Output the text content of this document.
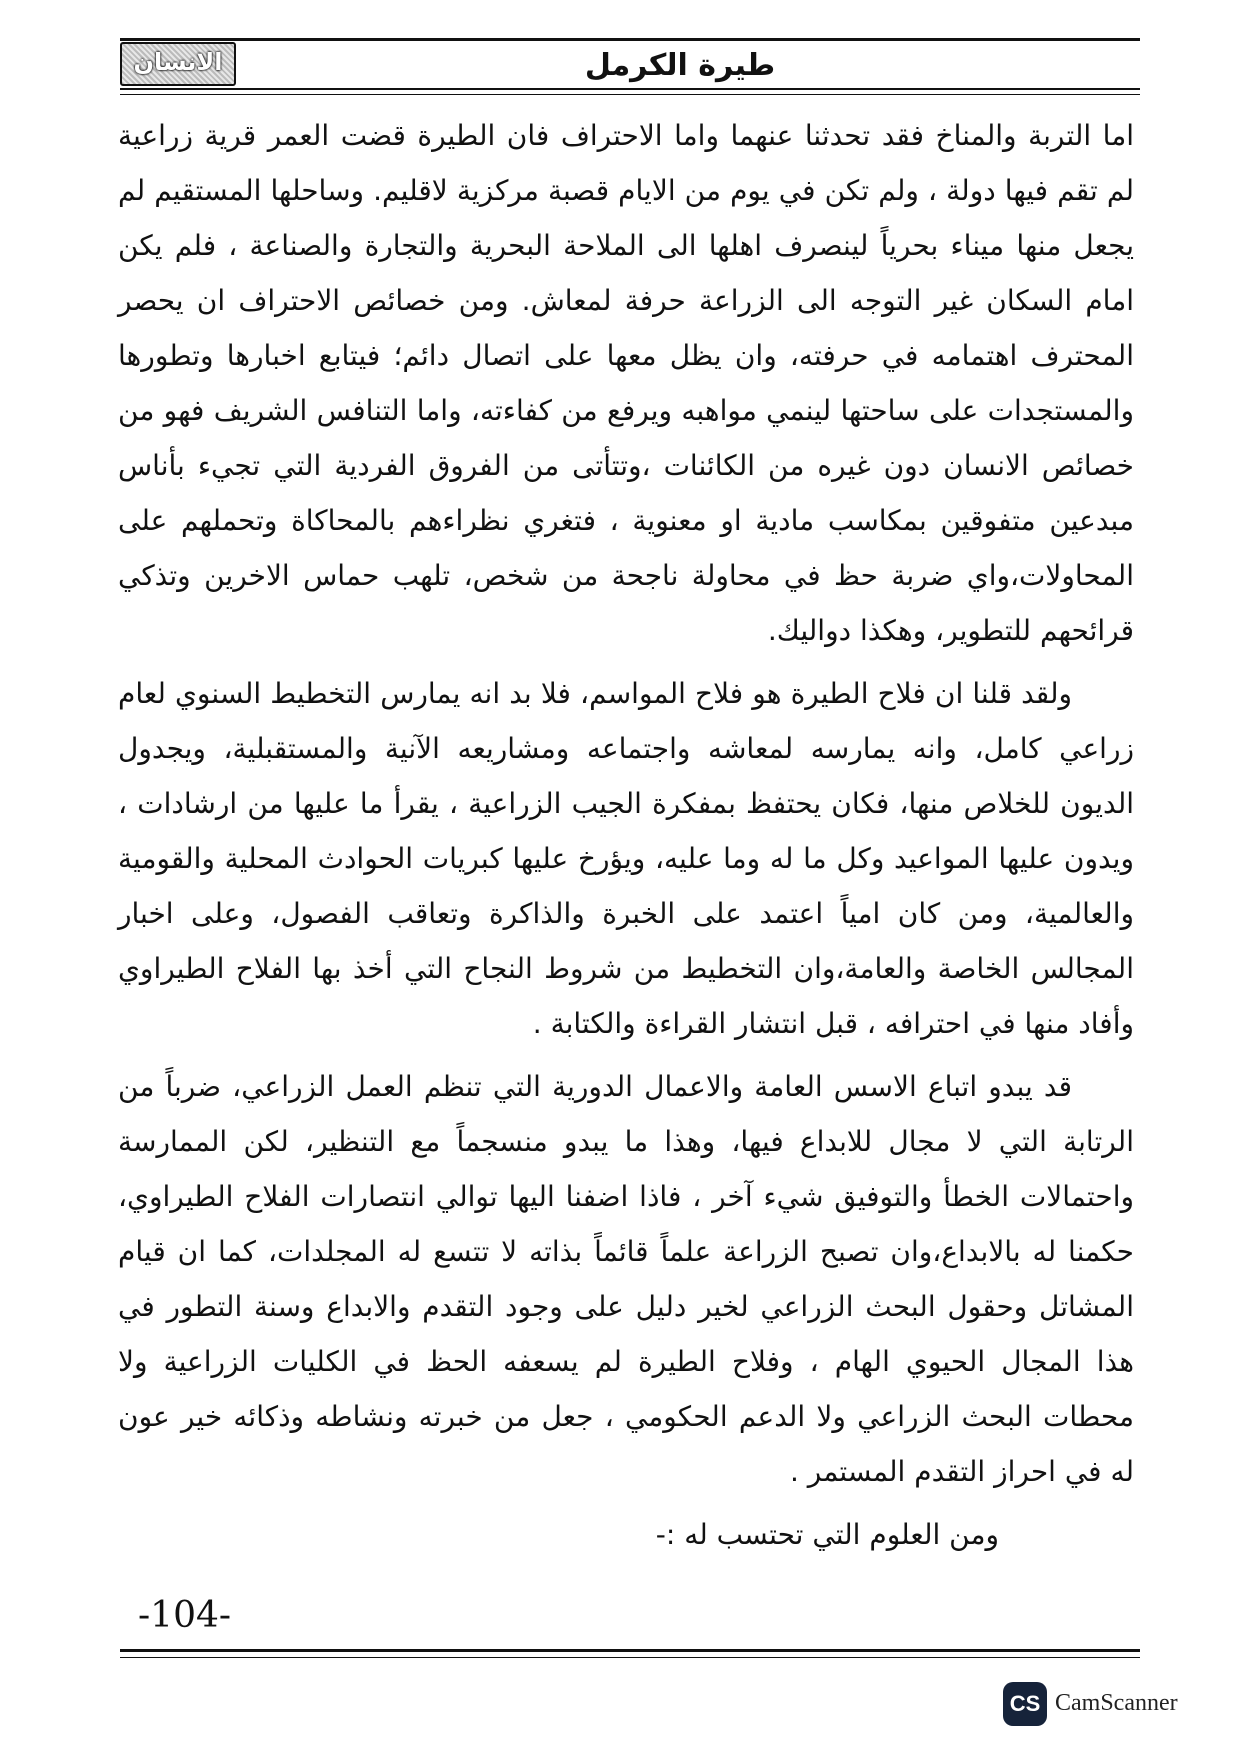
الانسان	طيرة الكرمل

اما التربة والمناخ فقد تحدثنا عنهما واما الاحتراف فان الطيرة قضت العمر قرية زراعية لم تقم فيها دولة ، ولم تكن في يوم من الايام قصبة مركزية لاقليم. وساحلها المستقيم لم يجعل منها ميناء بحرياً لينصرف اهلها الى الملاحة البحرية والتجارة والصناعة ، فلم يكن امام السكان غير التوجه الى الزراعة حرفة لمعاش. ومن خصائص الاحتراف ان يحصر المحترف اهتمامه في حرفته، وان يظل معها على اتصال دائم؛ فيتابع اخبارها وتطورها والمستجدات على ساحتها لينمي مواهبه ويرفع من كفاءته، واما التنافس الشريف فهو من خصائص الانسان دون غيره من الكائنات ،وتتأتى من الفروق الفردية التي تجيء بأناس مبدعين متفوقين بمكاسب مادية او معنوية ، فتغري نظراءهم بالمحاكاة وتحملهم على المحاولات،واي ضربة حظ في محاولة ناجحة من شخص، تلهب حماس الاخرين وتذكي قرائحهم للتطوير، وهكذا دواليك.

ولقد قلنا ان فلاح الطيرة هو فلاح المواسم، فلا بد انه يمارس التخطيط السنوي لعام زراعي كامل، وانه يمارسه لمعاشه واجتماعه ومشاريعه الآنية والمستقبلية، ويجدول الديون للخلاص منها، فكان يحتفظ بمفكرة الجيب الزراعية ، يقرأ ما عليها من ارشادات ، ويدون عليها المواعيد وكل ما له وما عليه، ويؤرخ عليها كبريات الحوادث المحلية والقومية والعالمية، ومن كان امياً اعتمد على الخبرة والذاكرة وتعاقب الفصول، وعلى اخبار المجالس الخاصة والعامة،وان التخطيط من شروط النجاح التي أخذ بها الفلاح الطيراوي وأفاد منها في احترافه ، قبل انتشار القراءة والكتابة .

قد يبدو اتباع الاسس العامة والاعمال الدورية التي تنظم العمل الزراعي، ضرباً من الرتابة التي لا مجال للابداع فيها، وهذا ما يبدو منسجماً مع التنظير، لكن الممارسة واحتمالات الخطأ والتوفيق شيء آخر ، فاذا اضفنا اليها توالي انتصارات الفلاح الطيراوي، حكمنا له بالابداع،وان تصبح الزراعة علماً قائماً بذاته لا تتسع له المجلدات، كما ان قيام المشاتل وحقول البحث الزراعي لخير دليل على وجود التقدم والابداع وسنة التطور في هذا المجال الحيوي الهام ، وفلاح الطيرة لم يسعفه الحظ في الكليات الزراعية ولا محطات البحث الزراعي ولا الدعم الحكومي ، جعل من خبرته ونشاطه وذكائه خير عون له في احراز التقدم المستمر .

ومن العلوم التي تحتسب له :-

-104-
CS CamScanner
